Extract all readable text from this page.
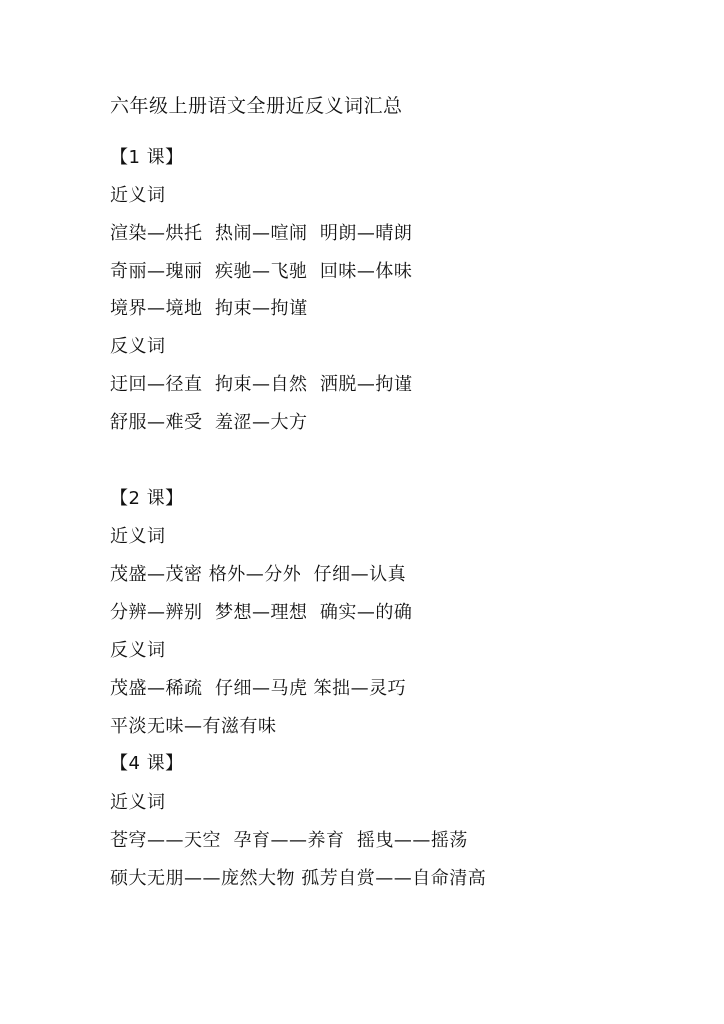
六年级上册语文全册近反义词汇总
【1 课】
近义词
渲染—烘托  热闹—喧闹  明朗—晴朗
奇丽—瑰丽  疾驰—飞驰  回味—体味
境界—境地  拘束—拘谨
反义词
迂回—径直  拘束—自然  洒脱—拘谨
舒服—难受  羞涩—大方
【2 课】
近义词
茂盛—茂密 格外—分外  仔细—认真
分辨—辨别  梦想—理想  确实—的确
反义词
茂盛—稀疏  仔细—马虎 笨拙—灵巧
平淡无味—有滋有味
【4 课】
近义词
苍穹——天空  孕育——养育  摇曳——摇荡
硕大无朋——庞然大物 孤芳自赏——自命清高
